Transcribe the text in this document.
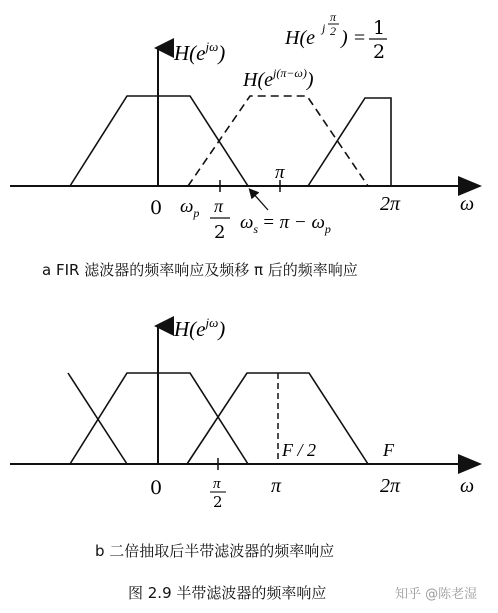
$H(e^{j\omega})$
$H(e^{j(\pi-\omega)})$
H(e j
π
2 ) = 1
2
0 $\omega_p$ π
2 $\omega_s = \pi - \omega_p$
π
2π	ω
a FIR 滤波器的频率响应及频移 π 后的频率响应
$H(e^{j\omega})$
F / 2	F
0	π
2
π	2π	ω
b 二倍抽取后半带滤波器的频率响应
图 2.9 半带滤波器的频率响应	知乎 @陈老湿
